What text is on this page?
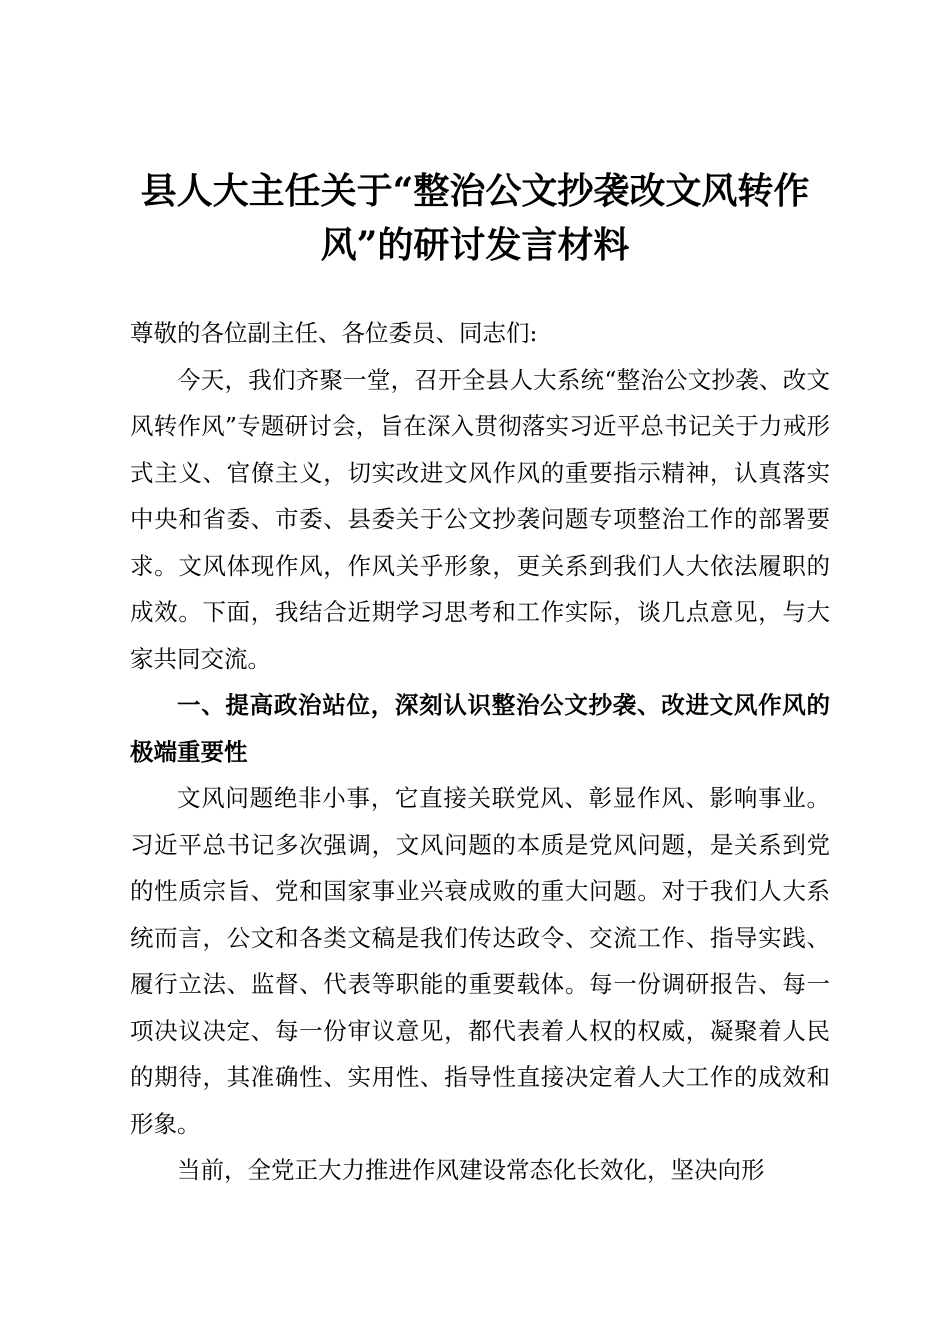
县人大主任关于“整治公文抄袭改文风转作
风”的研讨发言材料

尊敬的各位副主任、各位委员、同志们:

今天，我们齐聚一堂，召开全县人大系统“整治公文抄袭、改文风转作风”专题研讨会，旨在深入贯彻落实习近平总书记关于力戒形式主义、官僚主义，切实改进文风作风的重要指示精神，认真落实中央和省委、市委、县委关于公文抄袭问题专项整治工作的部署要求。文风体现作风，作风关乎形象，更关系到我们人大依法履职的成效。下面，我结合近期学习思考和工作实际，谈几点意见，与大家共同交流。

一、提高政治站位，深刻认识整治公文抄袭、改进文风作风的极端重要性

文风问题绝非小事，它直接关联党风、彰显作风、影响事业。习近平总书记多次强调，文风问题的本质是党风问题，是关系到党的性质宗旨、党和国家事业兴衰成败的重大问题。对于我们人大系统而言，公文和各类文稿是我们传达政令、交流工作、指导实践、履行立法、监督、代表等职能的重要载体。每一份调研报告、每一项决议决定、每一份审议意见，都代表着人权的权威，凝聚着人民的期待，其准确性、实用性、指导性直接决定着人大工作的成效和形象。

当前，全党正大力推进作风建设常态化长效化，坚决向形
